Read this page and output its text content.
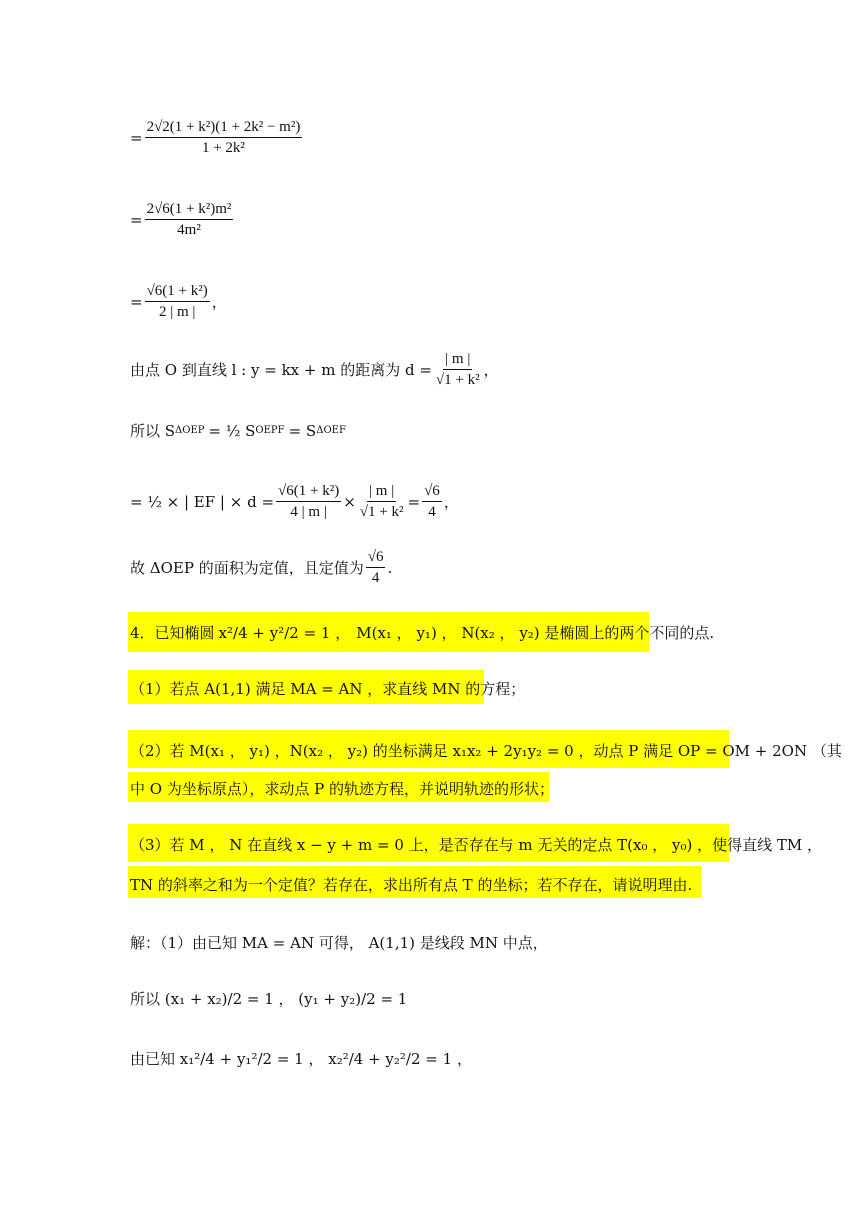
= $\frac{\text{2√2(1 + k²)(1 + 2k² − m²)}}{\text{1 + 2k²}}$
= $\frac{\text{2√6(1 + k²)m²}}{\text{4m²}}$
= $\frac{\text{√6(1 + k²)}}{2 | m |}$ ，
由点 O 到直线 l : y = kx + m 的距离为 $d = \frac{| m |}{\text{√1 + k²}}$ ，
所以 S ΔOEP = ½ S OEPF = S ΔOEF
= ½ × | EF | × $d = \frac{\text{√6(1 + k²)}}{4 | m |} \times \frac{| m |}{\text{√1 + k²}} = \frac{√6}{4}$ ，
故 ΔOEP 的面积为定值，且定值为 $\frac{√6}{4}$ .
4．已知椭圆 x²/4 + y²/2 = 1 ， M(x₁ ， y₁) ， N(x₂ ， y₂) 是椭圆上的两个不同的点.
（1）若点 A(1,1) 满足 MA = AN ，求直线 MN 的方程；
（2）若 M(x₁ ， y₁) ，N(x₂ ， y₂) 的坐标满足 x₁x₂ + 2y₁y₂ = 0 ，动点 P 满足 OP = OM + 2ON （其
中 O 为坐标原点），求动点 P 的轨迹方程，并说明轨迹的形状；
（3）若 M ， N 在直线 x − y + m = 0 上，是否存在与 m 无关的定点 T(x₀ ， y₀) ，使得直线 TM ，
TN 的斜率之和为一个定值？若存在，求出所有点 T 的坐标；若不存在，请说明理由.
解：（1）由已知 MA = AN 可得， A(1,1) 是线段 MN 中点，
所以 (x₁ + x₂)/2 = 1 ， (y₁ + y₂)/2 = 1
由已知 x₁²/4 + y₁²/2 = 1 ， x₂²/4 + y₂²/2 = 1 ，
